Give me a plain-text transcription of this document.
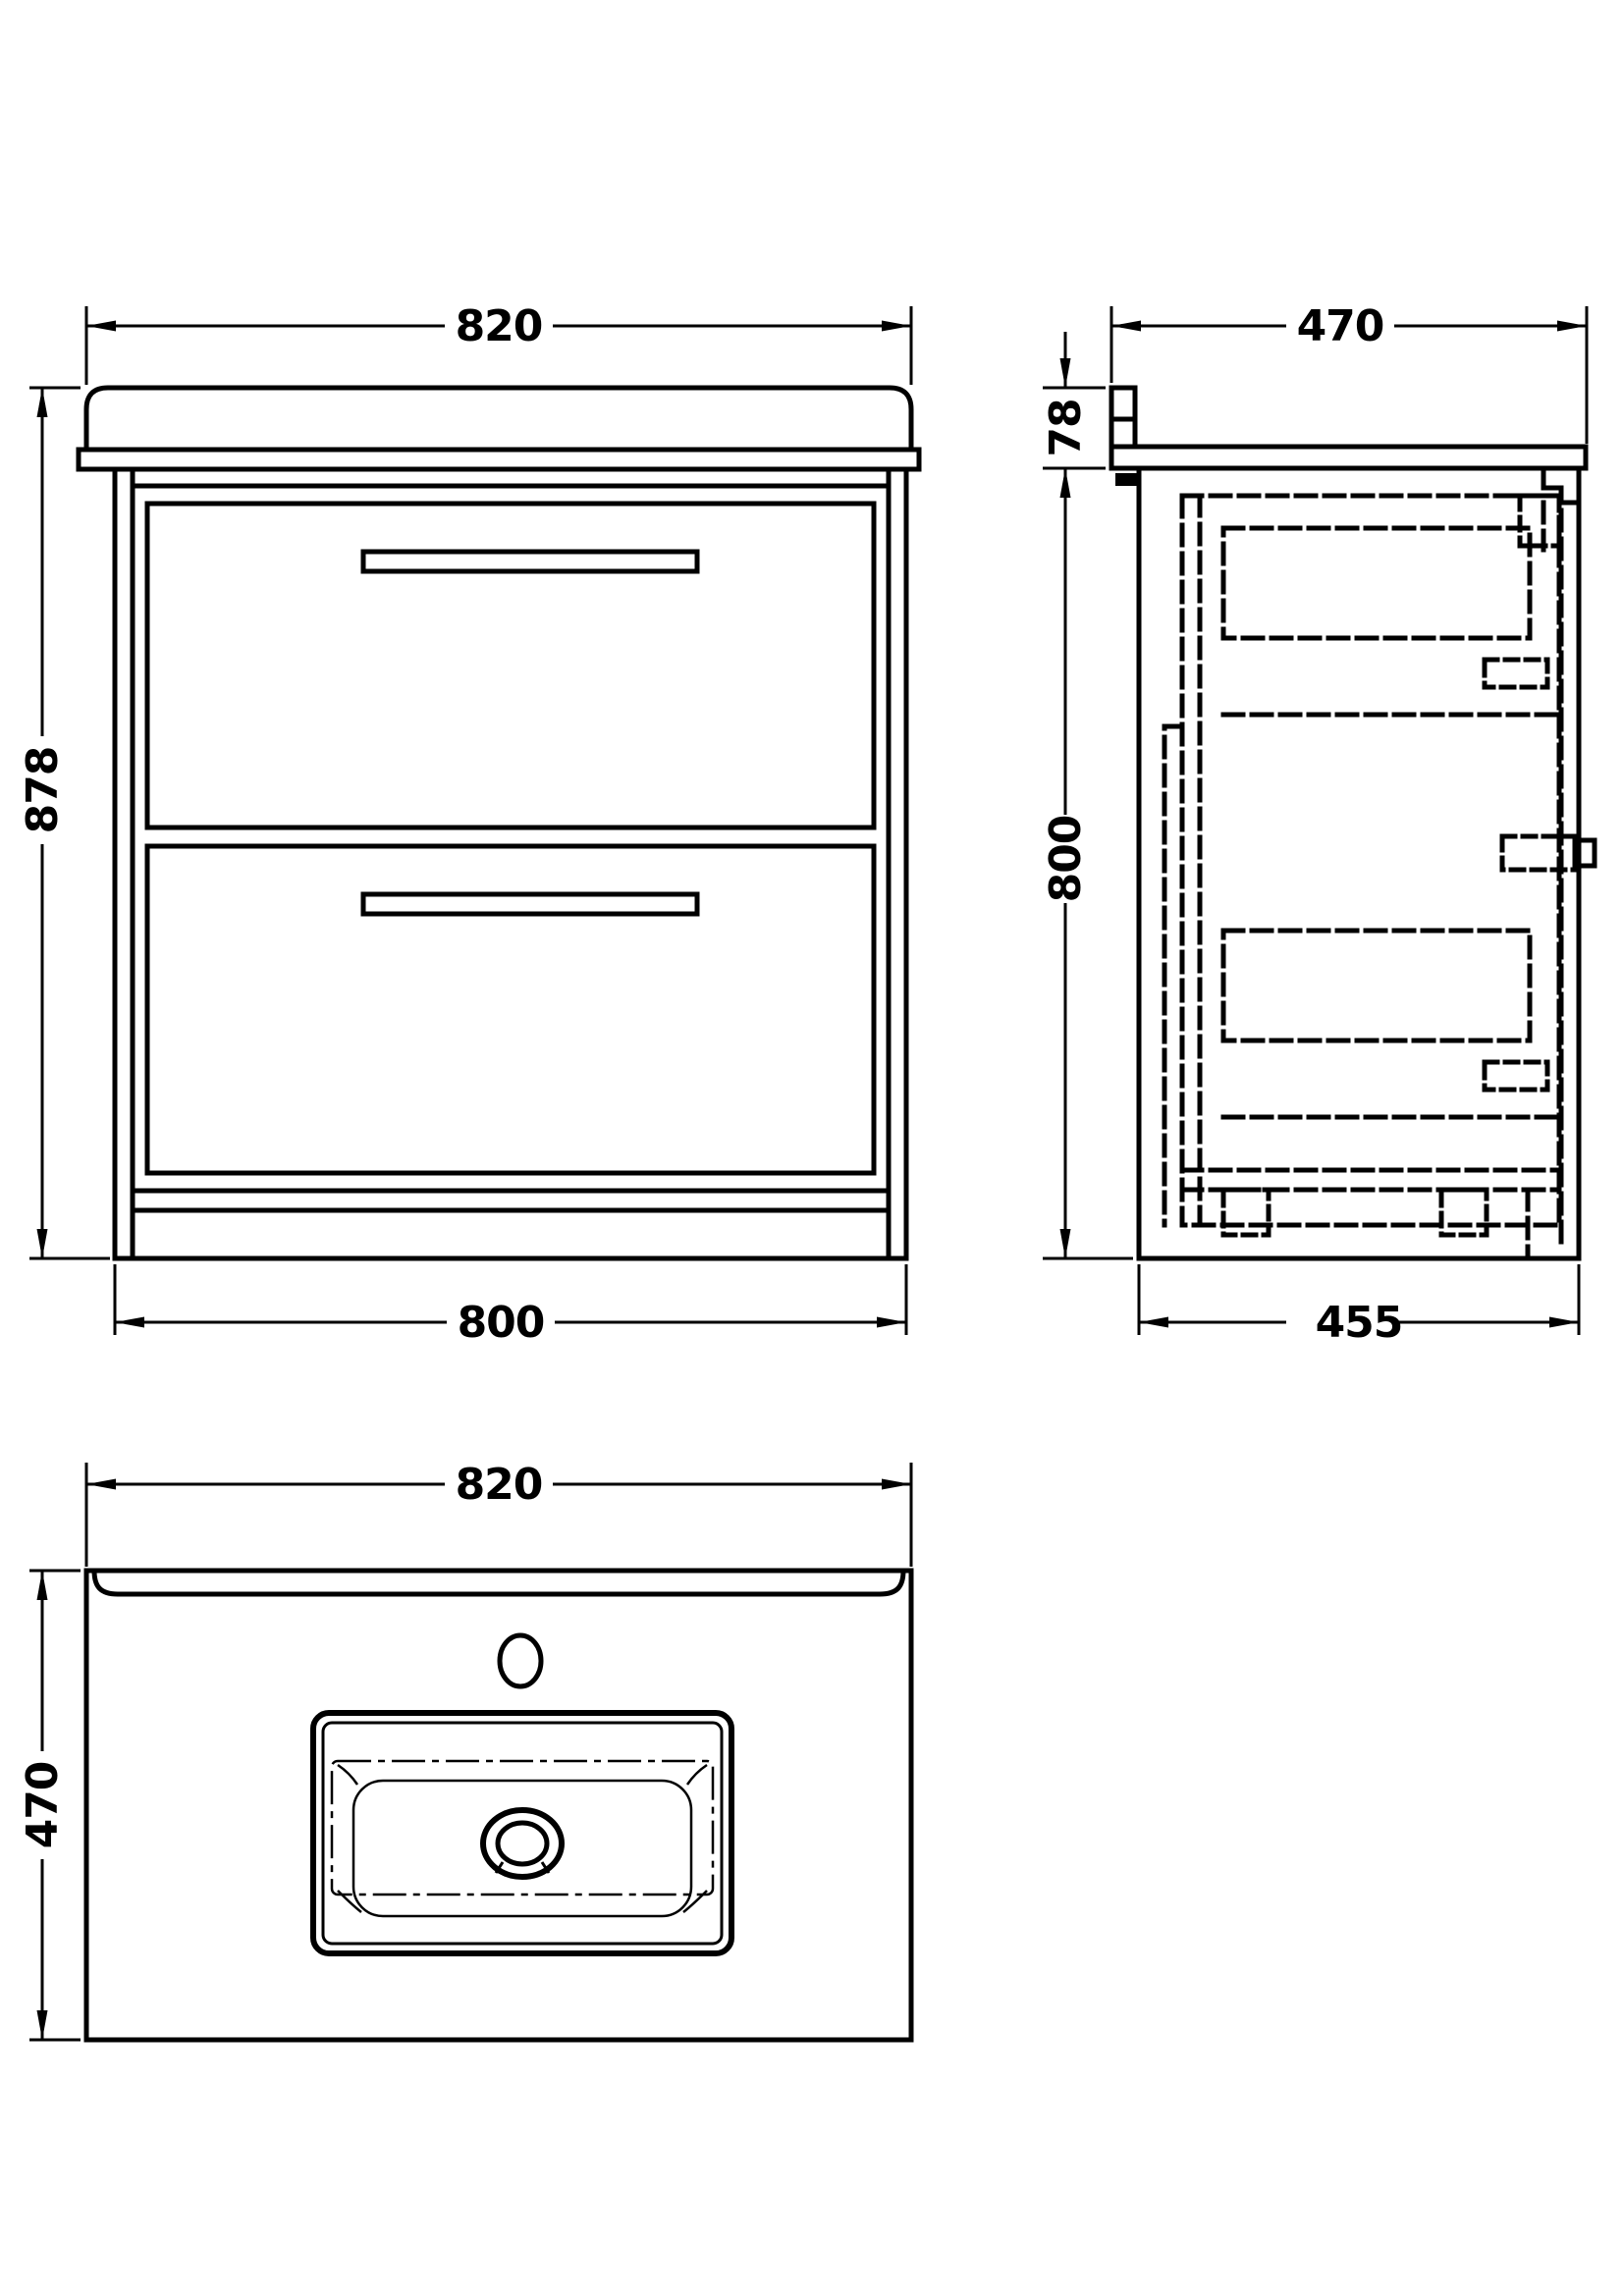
820
878
800
470
78
800
455
820
470
